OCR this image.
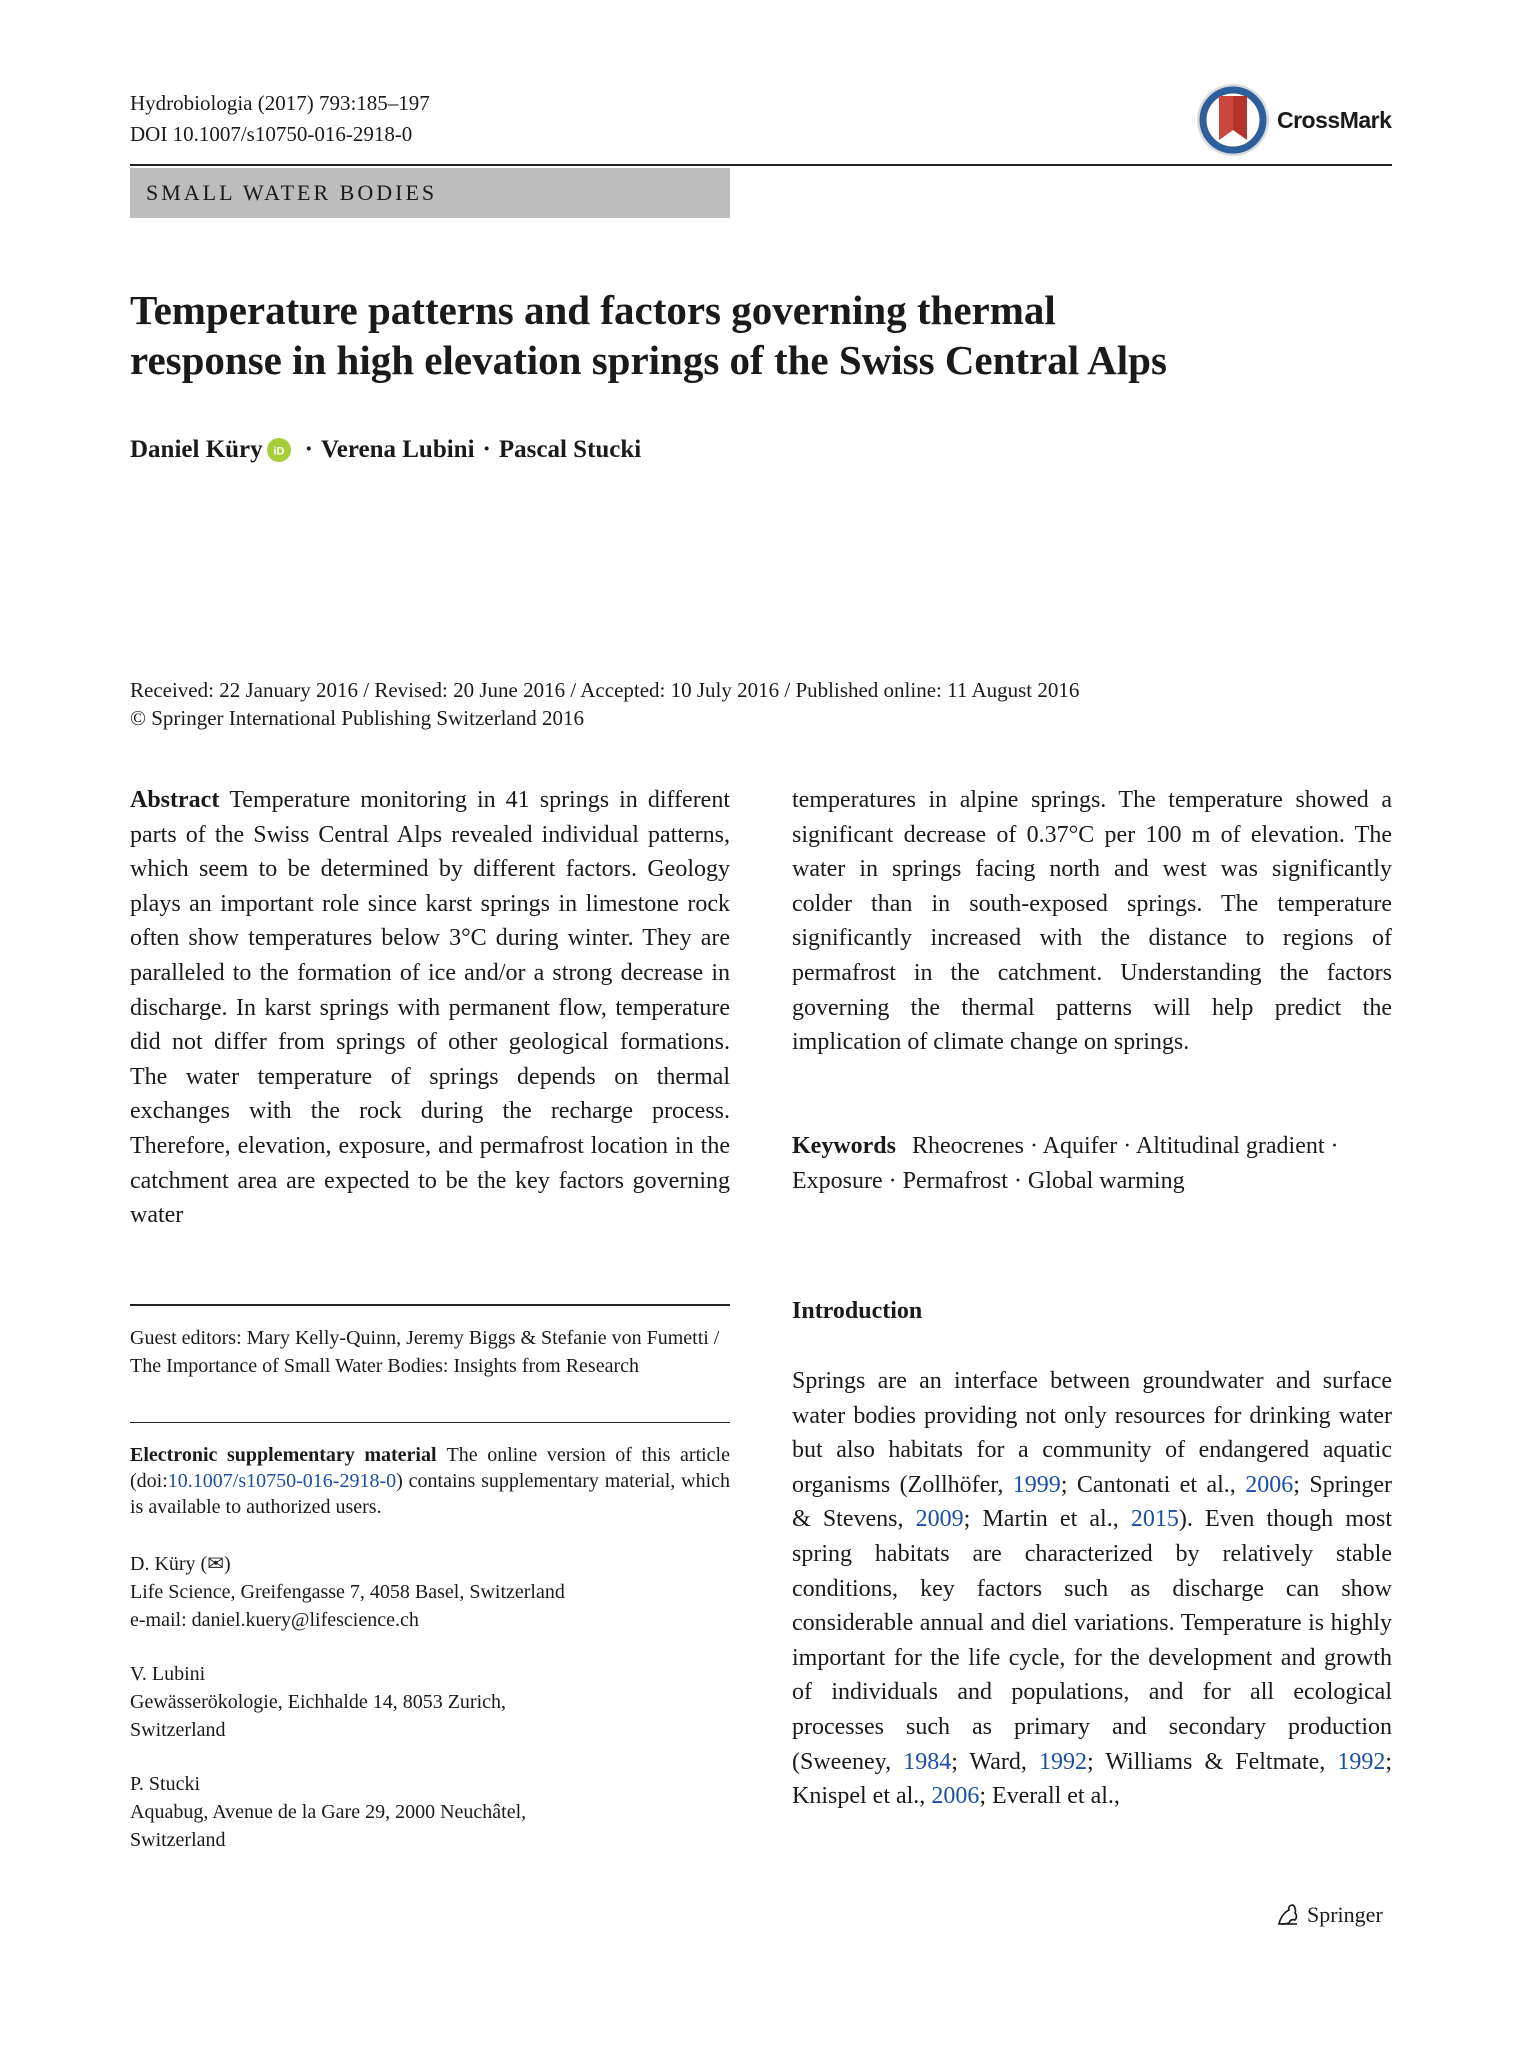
Hydrobiologia (2017) 793:185–197
DOI 10.1007/s10750-016-2918-0
CrossMark
SMALL WATER BODIES
Temperature patterns and factors governing thermal
response in high elevation springs of the Swiss Central Alps
Daniel Küry iD · Verena Lubini · Pascal Stucki
Received: 22 January 2016 / Revised: 20 June 2016 / Accepted: 10 July 2016 / Published online: 11 August 2016
© Springer International Publishing Switzerland 2016
Abstract Temperature monitoring in 41 springs in different parts of the Swiss Central Alps revealed individual patterns, which seem to be determined by different factors. Geology plays an important role since karst springs in limestone rock often show temperatures below 3°C during winter. They are paralleled to the formation of ice and/or a strong decrease in discharge. In karst springs with permanent flow, temperature did not differ from springs of other geological formations. The water temperature of springs depends on thermal exchanges with the rock during the recharge process. Therefore, elevation, exposure, and permafrost location in the catchment area are expected to be the key factors governing water
temperatures in alpine springs. The temperature showed a significant decrease of 0.37°C per 100 m of elevation. The water in springs facing north and west was significantly colder than in south-exposed springs. The temperature significantly increased with the distance to regions of permafrost in the catchment. Understanding the factors governing the thermal patterns will help predict the implication of climate change on springs.
Keywords Rheocrenes · Aquifer · Altitudinal gradient · Exposure · Permafrost · Global warming
Guest editors: Mary Kelly-Quinn, Jeremy Biggs & Stefanie von Fumetti / The Importance of Small Water Bodies: Insights from Research
Electronic supplementary material The online version of this article (doi:10.1007/s10750-016-2918-0) contains supplementary material, which is available to authorized users.
D. Küry (✉)
Life Science, Greifengasse 7, 4058 Basel, Switzerland
e-mail: daniel.kuery@lifescience.ch
V. Lubini
Gewässerökologie, Eichhalde 14, 8053 Zurich,
Switzerland
P. Stucki
Aquabug, Avenue de la Gare 29, 2000 Neuchâtel,
Switzerland
Introduction
Springs are an interface between groundwater and surface water bodies providing not only resources for drinking water but also habitats for a community of endangered aquatic organisms (Zollhöfer, 1999; Cantonati et al., 2006; Springer & Stevens, 2009; Martin et al., 2015). Even though most spring habitats are characterized by relatively stable conditions, key factors such as discharge can show considerable annual and diel variations. Temperature is highly important for the life cycle, for the development and growth of individuals and populations, and for all ecological processes such as primary and secondary production (Sweeney, 1984; Ward, 1992; Williams & Feltmate, 1992; Knispel et al., 2006; Everall et al.,
Springer
